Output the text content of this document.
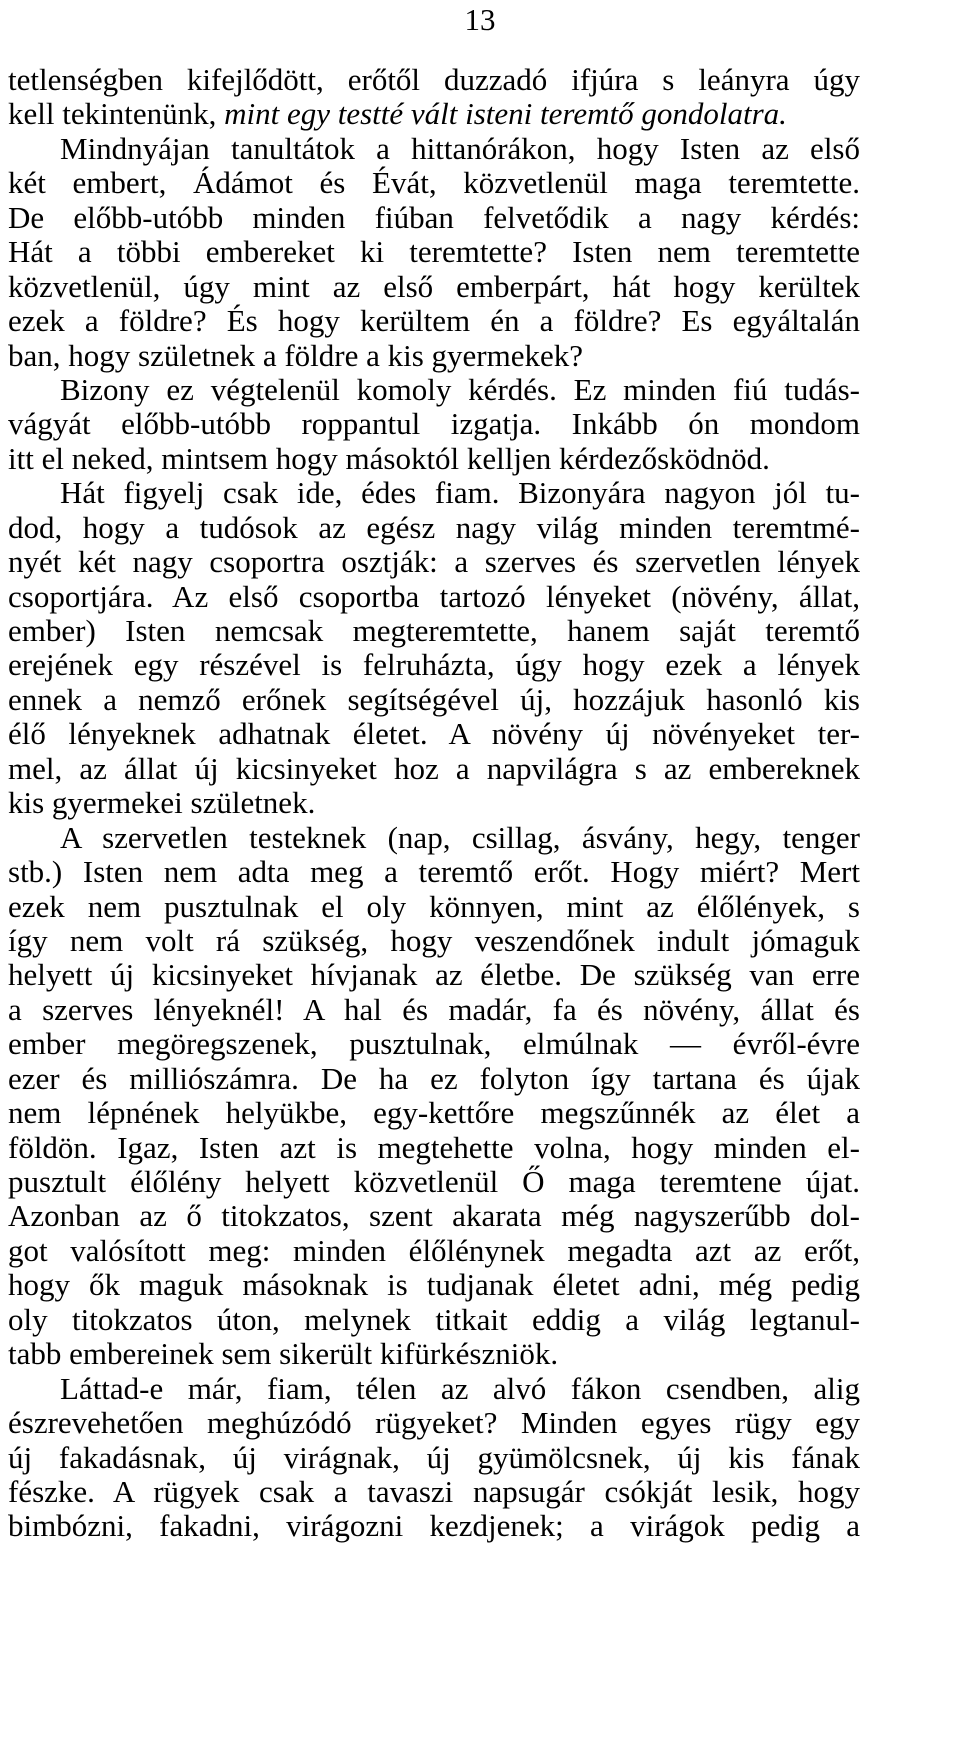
13
tetlenségben kifejlődött, erőtől duzzadó ifjúra s leányra úgy
kell tekintenünk, mint egy testté vált isteni teremtő gondolatra.
Mindnyájan tanultátok a hittanórákon, hogy Isten az első
két embert, Ádámot és Évát, közvetlenül maga teremtette.
De előbb-utóbb minden fiúban felvetődik a nagy kérdés:
Hát a többi embereket ki teremtette? Isten nem teremtette
közvetlenül, úgy mint az első emberpárt, hát hogy kerültek
ezek a földre? És hogy kerültem én a földre? Es egyáltalán
ban, hogy születnek a földre a kis gyermekek?
Bizony ez végtelenül komoly kérdés. Ez minden fiú tudás-
vágyát előbb-utóbb roppantul izgatja. Inkább ón mondom
itt el neked, mintsem hogy másoktól kelljen kérdezősködnöd.
Hát figyelj csak ide, édes fiam. Bizonyára nagyon jól tu-
dod, hogy a tudósok az egész nagy világ minden teremtmé-
nyét két nagy csoportra osztják: a szerves és szervetlen lények
csoportjára. Az első csoportba tartozó lényeket (növény, állat,
ember) Isten nemcsak megteremtette, hanem saját teremtő
erejének egy részével is felruházta, úgy hogy ezek a lények
ennek a nemző erőnek segítségével új, hozzájuk hasonló kis
élő lényeknek adhatnak életet. A növény új növényeket ter-
mel, az állat új kicsinyeket hoz a napvilágra s az embereknek
kis gyermekei születnek.
A szervetlen testeknek (nap, csillag, ásvány, hegy, tenger
stb.) Isten nem adta meg a teremtő erőt. Hogy miért? Mert
ezek nem pusztulnak el oly könnyen, mint az élőlények, s
így nem volt rá szükség, hogy veszendőnek indult jómaguk
helyett új kicsinyeket hívjanak az életbe. De szükség van erre
a szerves lényeknél! A hal és madár, fa és növény, állat és
ember megöregszenek, pusztulnak, elmúlnak — évről-évre
ezer és milliószámra. De ha ez folyton így tartana és újak
nem lépnének helyükbe, egy-kettőre megszűnnék az élet a
földön. Igaz, Isten azt is megtehette volna, hogy minden el-
pusztult élőlény helyett közvetlenül Ő maga teremtene újat.
Azonban az ő titokzatos, szent akarata még nagyszerűbb dol-
got valósított meg: minden élőlénynek megadta azt az erőt,
hogy ők maguk másoknak is tudjanak életet adni, még pedig
oly titokzatos úton, melynek titkait eddig a világ legtanul-
tabb embereinek sem sikerült kifürkészniök.
Láttad-e már, fiam, télen az alvó fákon csendben, alig
észrevehetően meghúzódó rügyeket? Minden egyes rügy egy
új fakadásnak, új virágnak, új gyümölcsnek, új kis fának
fészke. A rügyek csak a tavaszi napsugár csókját lesik, hogy
bimbózni, fakadni, virágozni kezdjenek; a virágok pedig a
